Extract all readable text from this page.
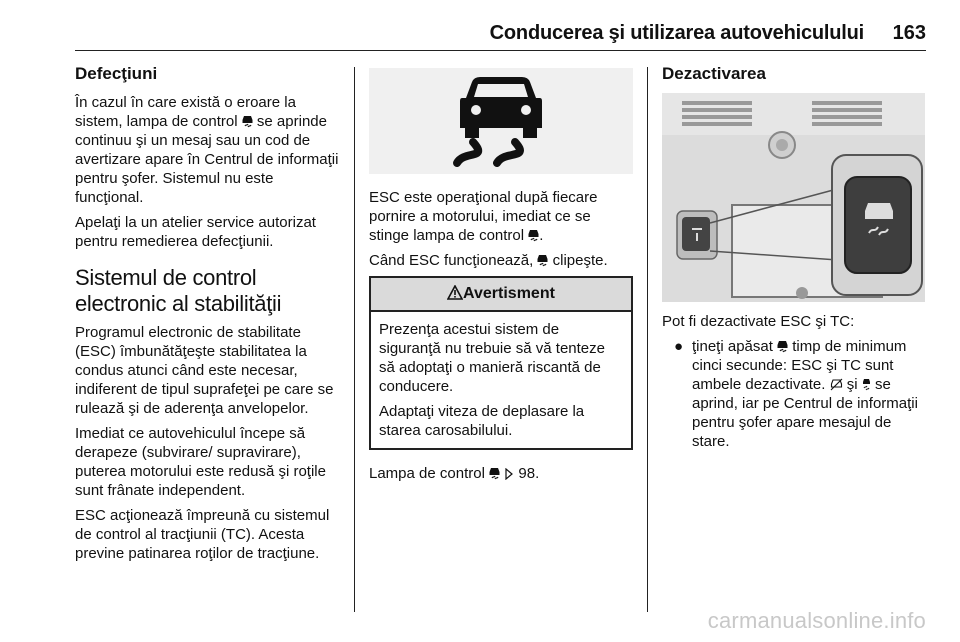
Conducerea şi utilizarea autovehiculului 163
Defecţiuni

În cazul în care există o eroare la sistem, lampa de control se aprinde continuu şi un mesaj sau un cod de avertizare apare în Centrul de informaţii pentru şofer. Sistemul nu este funcţional.

Apelaţi la un atelier service autorizat pentru remedierea defecţiunii.

Sistemul de control electronic al stabilităţii

Programul electronic de stabilitate (ESC) îmbunătăţeşte stabilitatea la condus atunci când este necesar, indiferent de tipul suprafeţei pe care se rulează şi de aderenţa anvelopelor.

Imediat ce autovehiculul începe să derapeze (subvirare/ supravirare), puterea motorului este redusă şi roţile sunt frânate independent.

ESC acţionează împreună cu sistemul de control al tracţiunii (TC). Acesta previne patinarea roţilor de tracţiune.

ESC este operaţional după fiecare pornire a motorului, imediat ce se stinge lampa de control .

Când ESC funcţionează, clipeşte.

Avertisment

Prezenţa acestui sistem de siguranţă nu trebuie să vă tenteze să adoptaţi o manieră riscantă de conducere.

Adaptaţi viteza de deplasare la starea carosabilului.

Lampa de control 98.

Dezactivarea

Pot fi dezactivate ESC şi TC:

● ţineţi apăsat timp de minimum cinci secunde: ESC şi TC sunt ambele dezactivate. şi se aprind, iar pe Centrul de informaţii pentru şofer apare mesajul de stare.

carmanualsonline.info
